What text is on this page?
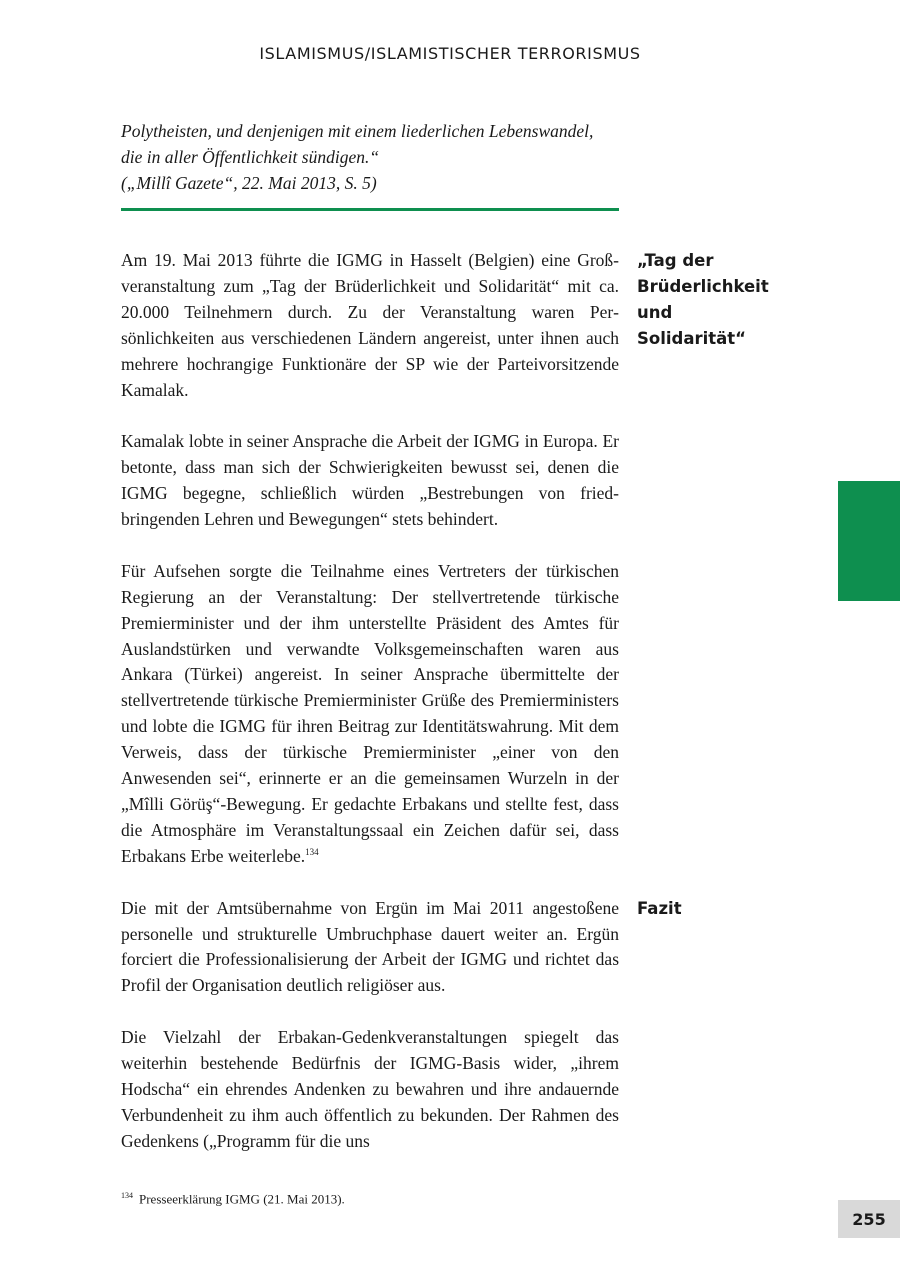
ISLAMISMUS/ISLAMISTISCHER TERRORISMUS

Polytheisten, und denjenigen mit einem liederlichen Lebenswandel,

die in aller Öffentlichkeit sündigen.“

(„Millî Gazete“, 22. Mai 2013, S. 5)

„Tag der
Brüderlichkeit
und Solidarität“
Fazit

Am 19. Mai 2013 führte die IGMG in Hasselt (Belgien) eine Großveranstaltung zum „Tag der Brüderlichkeit und Solidarität“ mit ca. 20.000 Teilnehmern durch. Zu der Veranstaltung waren Persönlichkeiten aus verschiedenen Ländern angereist, unter ihnen auch mehrere hochrangige Funktionäre der SP wie der Parteivorsitzende Kamalak.

Kamalak lobte in seiner Ansprache die Arbeit der IGMG in Europa. Er betonte, dass man sich der Schwierigkeiten bewusst sei, denen die IGMG begegne, schließlich würden „Bestrebungen von friedbringenden Lehren und Bewegungen“ stets behindert.

Für Aufsehen sorgte die Teilnahme eines Vertreters der türkischen Regierung an der Veranstaltung: Der stellvertretende türkische Premierminister und der ihm unterstellte Präsident des Amtes für Auslandstürken und verwandte Volksgemeinschaften waren aus Ankara (Türkei) angereist. In seiner Ansprache übermittelte der stellvertretende türkische Premierminister Grüße des Premierministers und lobte die IGMG für ihren Beitrag zur Identitätswahrung. Mit dem Verweis, dass der türkische Premierminister „einer von den Anwesenden sei“, erinnerte er an die gemeinsamen Wurzeln in der „Mîlli Görüş“-Bewegung. Er gedachte Erbakans und stellte fest, dass die Atmosphäre im Veranstaltungssaal ein Zeichen dafür sei, dass Erbakans Erbe weiterlebe.$^{134}$

Die mit der Amtsübernahme von Ergün im Mai 2011 angestoßene personelle und strukturelle Umbruchphase dauert weiter an. Ergün forciert die Professionalisierung der Arbeit der IGMG und richtet das Profil der Organisation deutlich religiöser aus.

Die Vielzahl der Erbakan-Gedenkveranstaltungen spiegelt das weiterhin bestehende Bedürfnis der IGMG-Basis wider, „ihrem Hodscha“ ein ehrendes Andenken zu bewahren und ihre andauernde Verbundenheit zu ihm auch öffentlich zu bekunden. Der Rahmen des Gedenkens („Programm für die uns

$^{134}$ Presseerklärung IGMG (21. Mai 2013).
255
